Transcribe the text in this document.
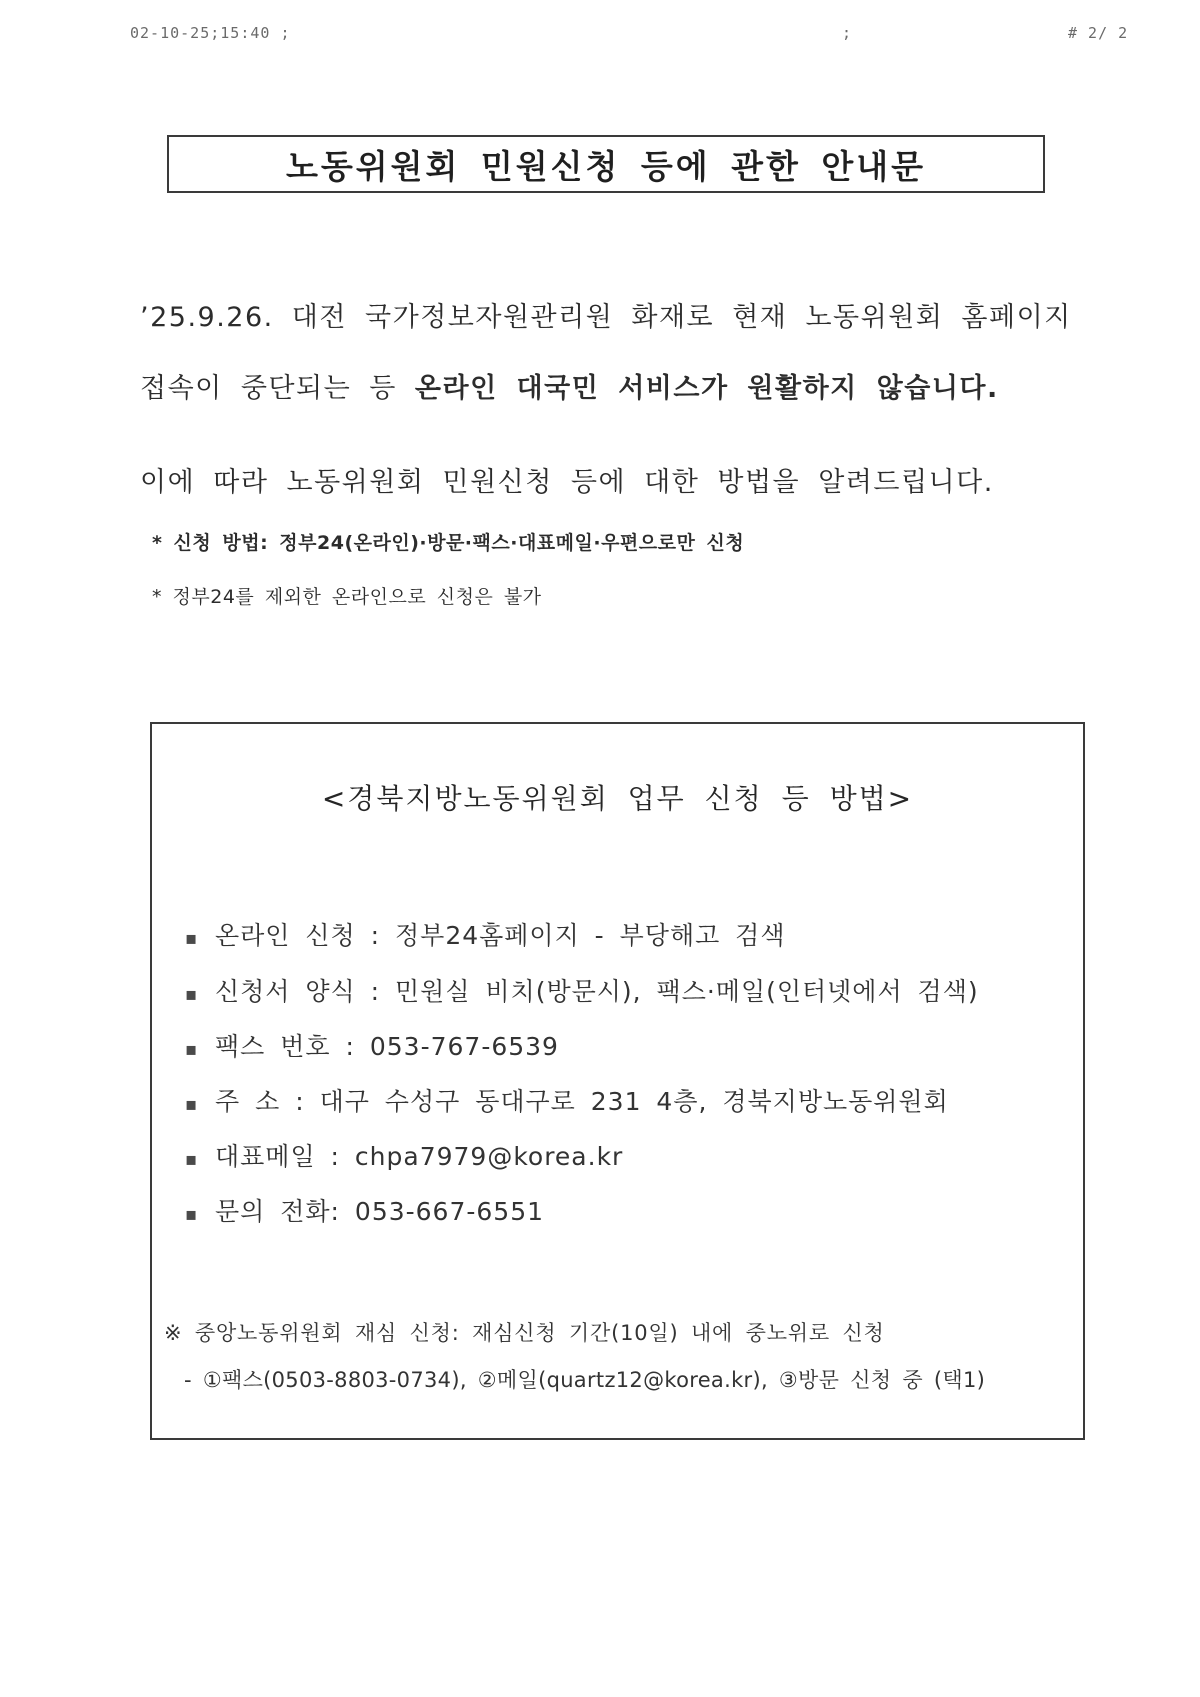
02-10-25;15:40 ;	;	# 2/ 2
노동위원회 민원신청 등에 관한 안내문
’25.9.26. 대전 국가정보자원관리원 화재로 현재 노동위원회 홈페이지
접속이 중단되는 등 온라인 대국민 서비스가 원활하지 않습니다.
이에 따라 노동위원회 민원신청 등에 대한 방법을 알려드립니다.
* 신청 방법: 정부24(온라인)·방문·팩스·대표메일·우편으로만 신청
* 정부24를 제외한 온라인으로 신청은 불가
<경북지방노동위원회 업무 신청 등 방법>
▪ 온라인 신청 : 정부24홈페이지 - 부당해고 검색
▪ 신청서 양식 : 민원실 비치(방문시), 팩스·메일(인터넷에서 검색)
▪ 팩스 번호 : 053-767-6539
▪ 주 소 : 대구 수성구 동대구로 231 4층, 경북지방노동위원회
▪ 대표메일 : chpa7979@korea.kr
▪ 문의 전화: 053-667-6551
※ 중앙노동위원회 재심 신청: 재심신청 기간(10일) 내에 중노위로 신청
- ①팩스(0503-8803-0734), ②메일(quartz12@korea.kr), ③방문 신청 중 (택1)
